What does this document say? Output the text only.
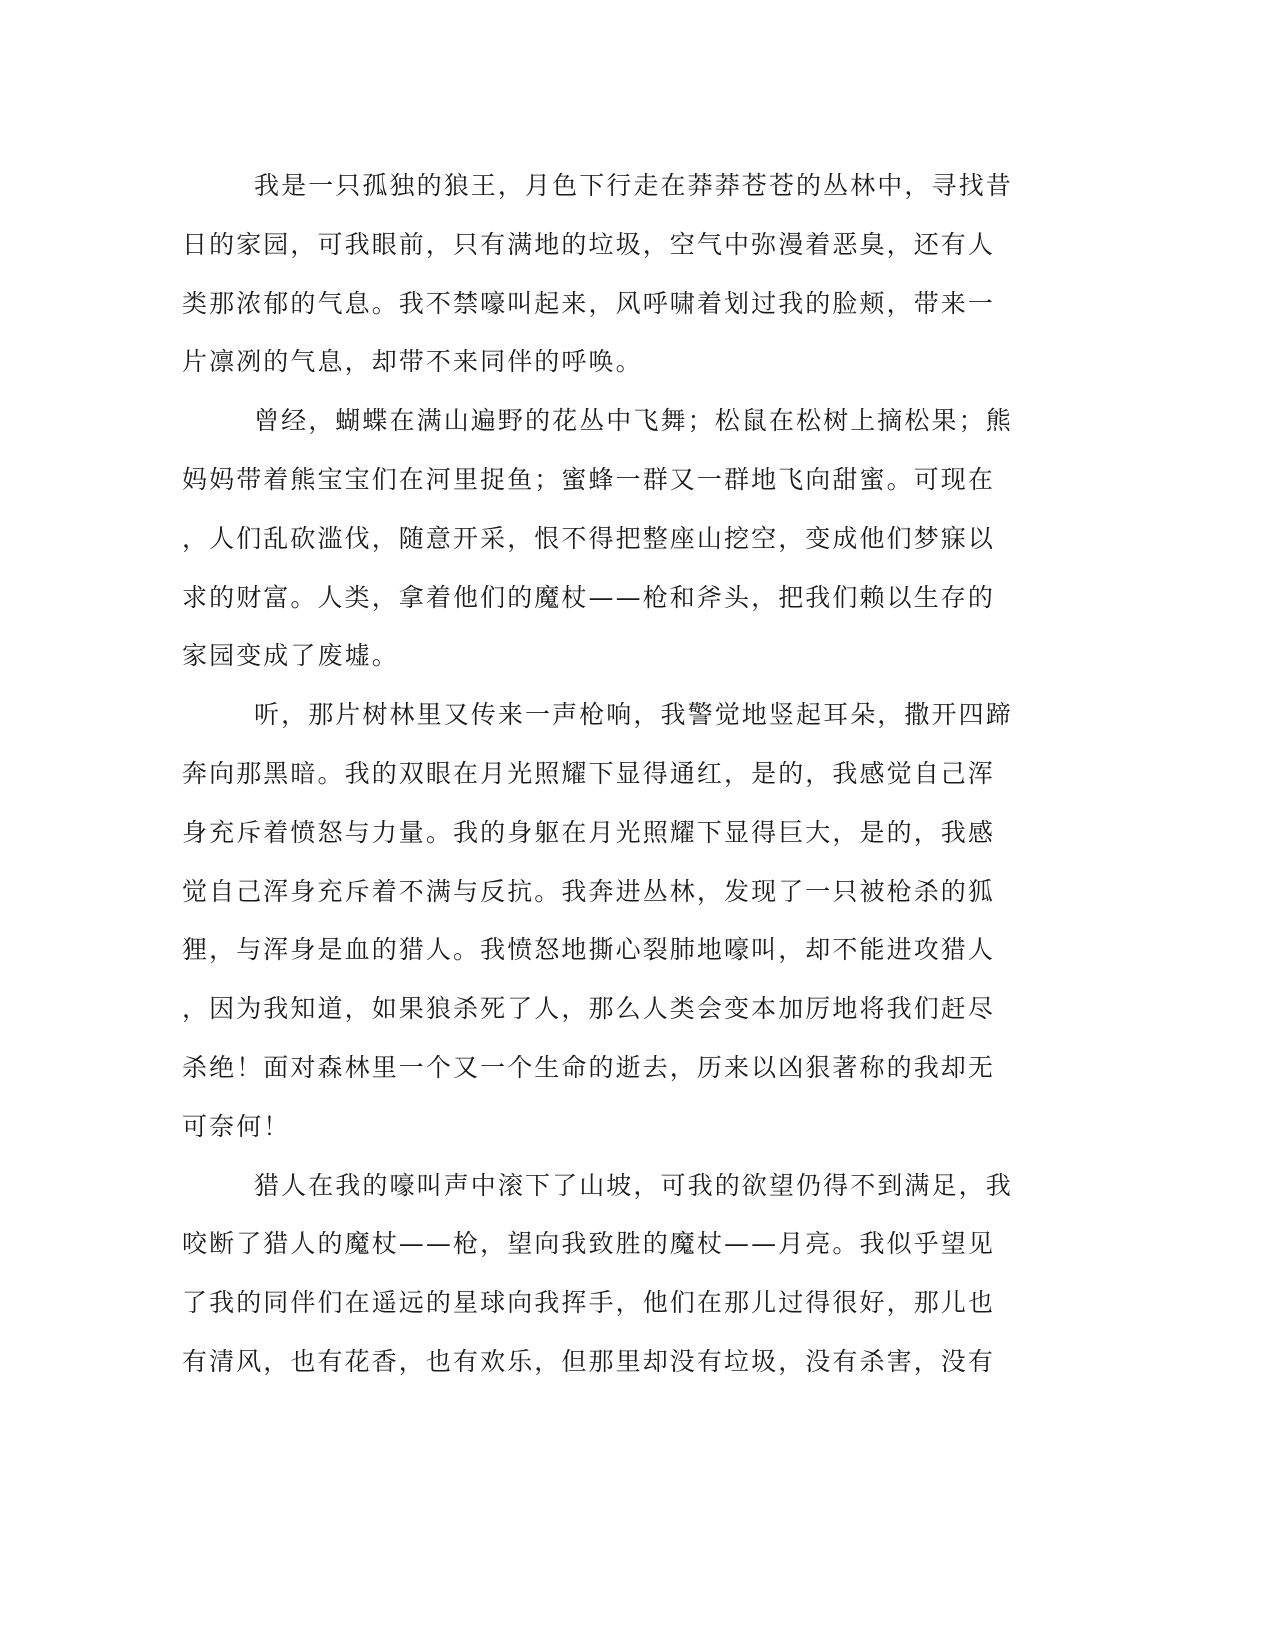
我是一只孤独的狼王，月色下行走在莽莽苍苍的丛林中，寻找昔
日的家园，可我眼前，只有满地的垃圾，空气中弥漫着恶臭，还有人
类那浓郁的气息。我不禁嚎叫起来，风呼啸着划过我的脸颊，带来一
片凛冽的气息，却带不来同伴的呼唤。
曾经，蝴蝶在满山遍野的花丛中飞舞；松鼠在松树上摘松果；熊
妈妈带着熊宝宝们在河里捉鱼；蜜蜂一群又一群地飞向甜蜜。可现在
，人们乱砍滥伐，随意开采，恨不得把整座山挖空，变成他们梦寐以
求的财富。人类，拿着他们的魔杖——枪和斧头，把我们赖以生存的
家园变成了废墟。
听，那片树林里又传来一声枪响，我警觉地竖起耳朵，撒开四蹄
奔向那黑暗。我的双眼在月光照耀下显得通红，是的，我感觉自己浑
身充斥着愤怒与力量。我的身躯在月光照耀下显得巨大，是的，我感
觉自己浑身充斥着不满与反抗。我奔进丛林，发现了一只被枪杀的狐
狸，与浑身是血的猎人。我愤怒地撕心裂肺地嚎叫，却不能进攻猎人
，因为我知道，如果狼杀死了人，那么人类会变本加厉地将我们赶尽
杀绝！面对森林里一个又一个生命的逝去，历来以凶狠著称的我却无
可奈何！
猎人在我的嚎叫声中滚下了山坡，可我的欲望仍得不到满足，我
咬断了猎人的魔杖——枪，望向我致胜的魔杖——月亮。我似乎望见
了我的同伴们在遥远的星球向我挥手，他们在那儿过得很好，那儿也
有清风，也有花香，也有欢乐，但那里却没有垃圾，没有杀害，没有
